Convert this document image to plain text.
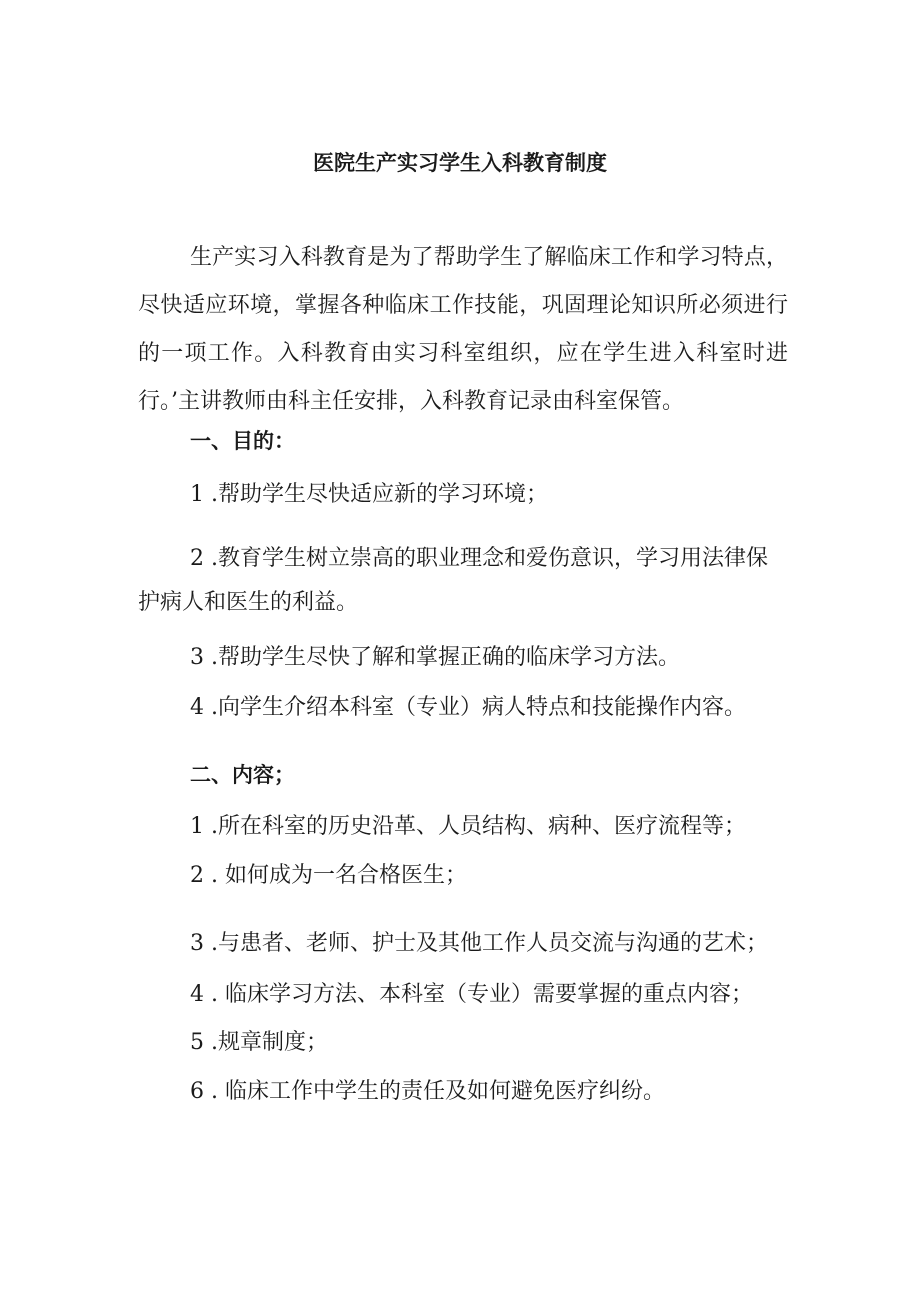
医院生产实习学生入科教育制度

生产实习入科教育是为了帮助学生了解临床工作和学习特点，尽快适应环境，掌握各种临床工作技能，巩固理论知识所必须进行的一项工作。入科教育由实习科室组织，应在学生进入科室时进行。’主讲教师由科主任安排，入科教育记录由科室保管。

一、目的：

1 .帮助学生尽快适应新的学习环境；

2 .教育学生树立崇高的职业理念和爱伤意识，学习用法律保护病人和医生的利益。

3 .帮助学生尽快了解和掌握正确的临床学习方法。

4 .向学生介绍本科室（专业）病人特点和技能操作内容。

二、内容；

1 .所在科室的历史沿革、人员结构、病种、医疗流程等；

2 . 如何成为一名合格医生；

3 .与患者、老师、护士及其他工作人员交流与沟通的艺术；

4 . 临床学习方法、本科室（专业）需要掌握的重点内容；

5 .规章制度；

6 . 临床工作中学生的责任及如何避免医疗纠纷。
